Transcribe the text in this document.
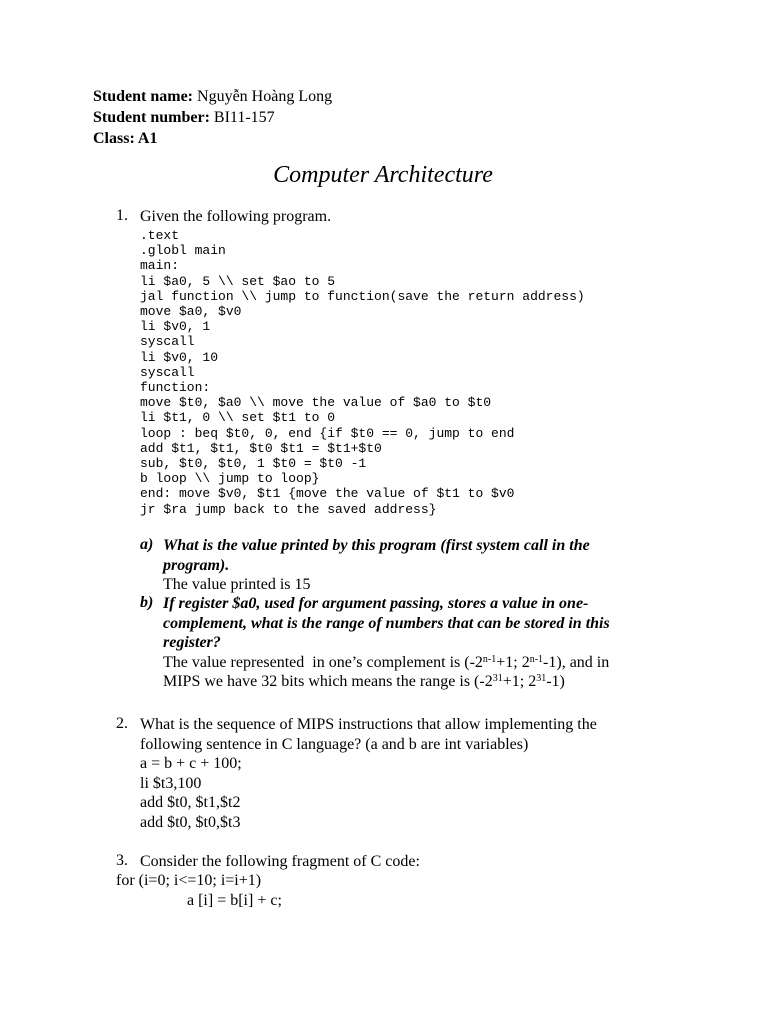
Student name: Nguyễn Hoàng Long
Student number: BI11-157
Class: A1
Computer Architecture
1. Given the following program.
.text
.globl main
main:
li $a0, 5 \\ set $ao to 5
jal function \\ jump to function(save the return address)
move $a0, $v0
li $v0, 1
syscall
li $v0, 10
syscall
function:
move $t0, $a0 \\ move the value of $a0 to $t0
li $t1, 0 \\ set $t1 to 0
loop : beq $t0, 0, end {if $t0 == 0, jump to end
add $t1, $t1, $t0 $t1 = $t1+$t0
sub, $t0, $t0, 1 $t0 = $t0 -1
b loop \\ jump to loop}
end: move $v0, $t1 {move the value of $t1 to $v0
jr $ra jump back to the saved address}
a) What is the value printed by this program (first system call in the
program).
The value printed is 15
b) If register $a0, used for argument passing, stores a value in one-
complement, what is the range of numbers that can be stored in this
register?
The value represented  in one’s complement is ($-2^{n-1}+1$; 2$^{n-1}$-1), and in
MIPS we have 32 bits which means the range is ($-2^{31}+1$; $2^{31}-1$)
2. What is the sequence of MIPS instructions that allow implementing the
following sentence in C language? (a and b are int variables)
a = b + c + 100;
li $t3,100
add $t0, $t1,$t2
add $t0, $t0,$t3
3. Consider the following fragment of C code:
for (i=0; i<=10; i=i+1)
a [i] = b[i] + c;
